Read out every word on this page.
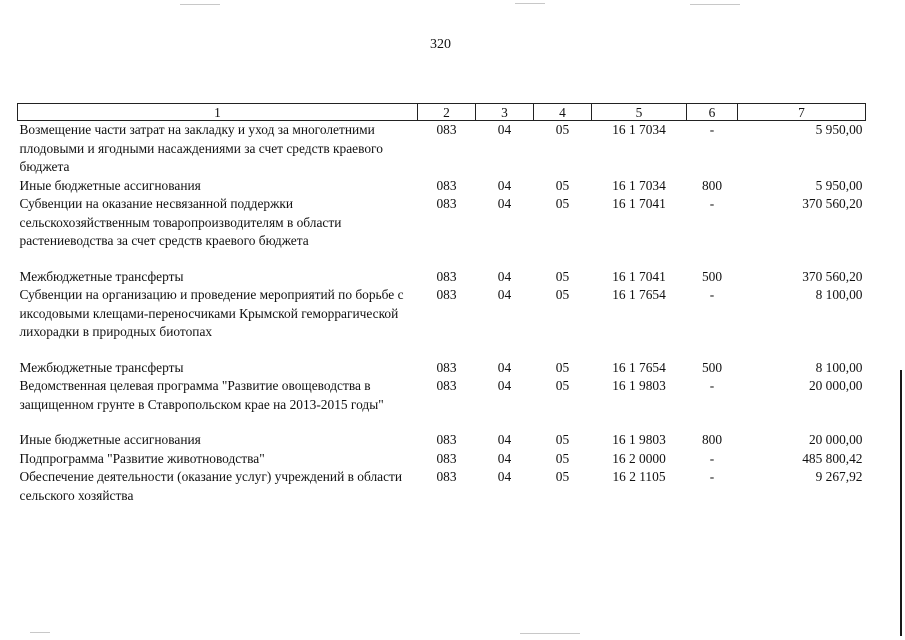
320
1	2	3	4	5	6	7
Возмещение части затрат на закладку и уход за многолетними плодовыми и ягодными насаждениями за счет средств краевого бюджета	083	04	05	16 1 7034	-	5 950,00
Иные бюджетные ассигнования	083	04	05	16 1 7034	800	5 950,00
Субвенции на оказание несвязанной поддержки сельскохозяйственным товаропроизводителям в области растениеводства за счет средств краевого бюджета	083	04	05	16 1 7041	-	370 560,20
Межбюджетные трансферты	083	04	05	16 1 7041	500	370 560,20
Субвенции на организацию и проведение мероприятий по борьбе с иксодовыми клещами-переносчиками Крымской геморрагической лихорадки в природных биотопах	083	04	05	16 1 7654	-	8 100,00
Межбюджетные трансферты	083	04	05	16 1 7654	500	8 100,00
Ведомственная целевая программа "Развитие овощеводства в защищенном грунте в Ставропольском крае на 2013-2015 годы"	083	04	05	16 1 9803	-	20 000,00
Иные бюджетные ассигнования	083	04	05	16 1 9803	800	20 000,00
Подпрограмма "Развитие животноводства"	083	04	05	16 2 0000	-	485 800,42
Обеспечение деятельности (оказание услуг) учреждений в области сельского хозяйства	083	04	05	16 2 1105	-	9 267,92
